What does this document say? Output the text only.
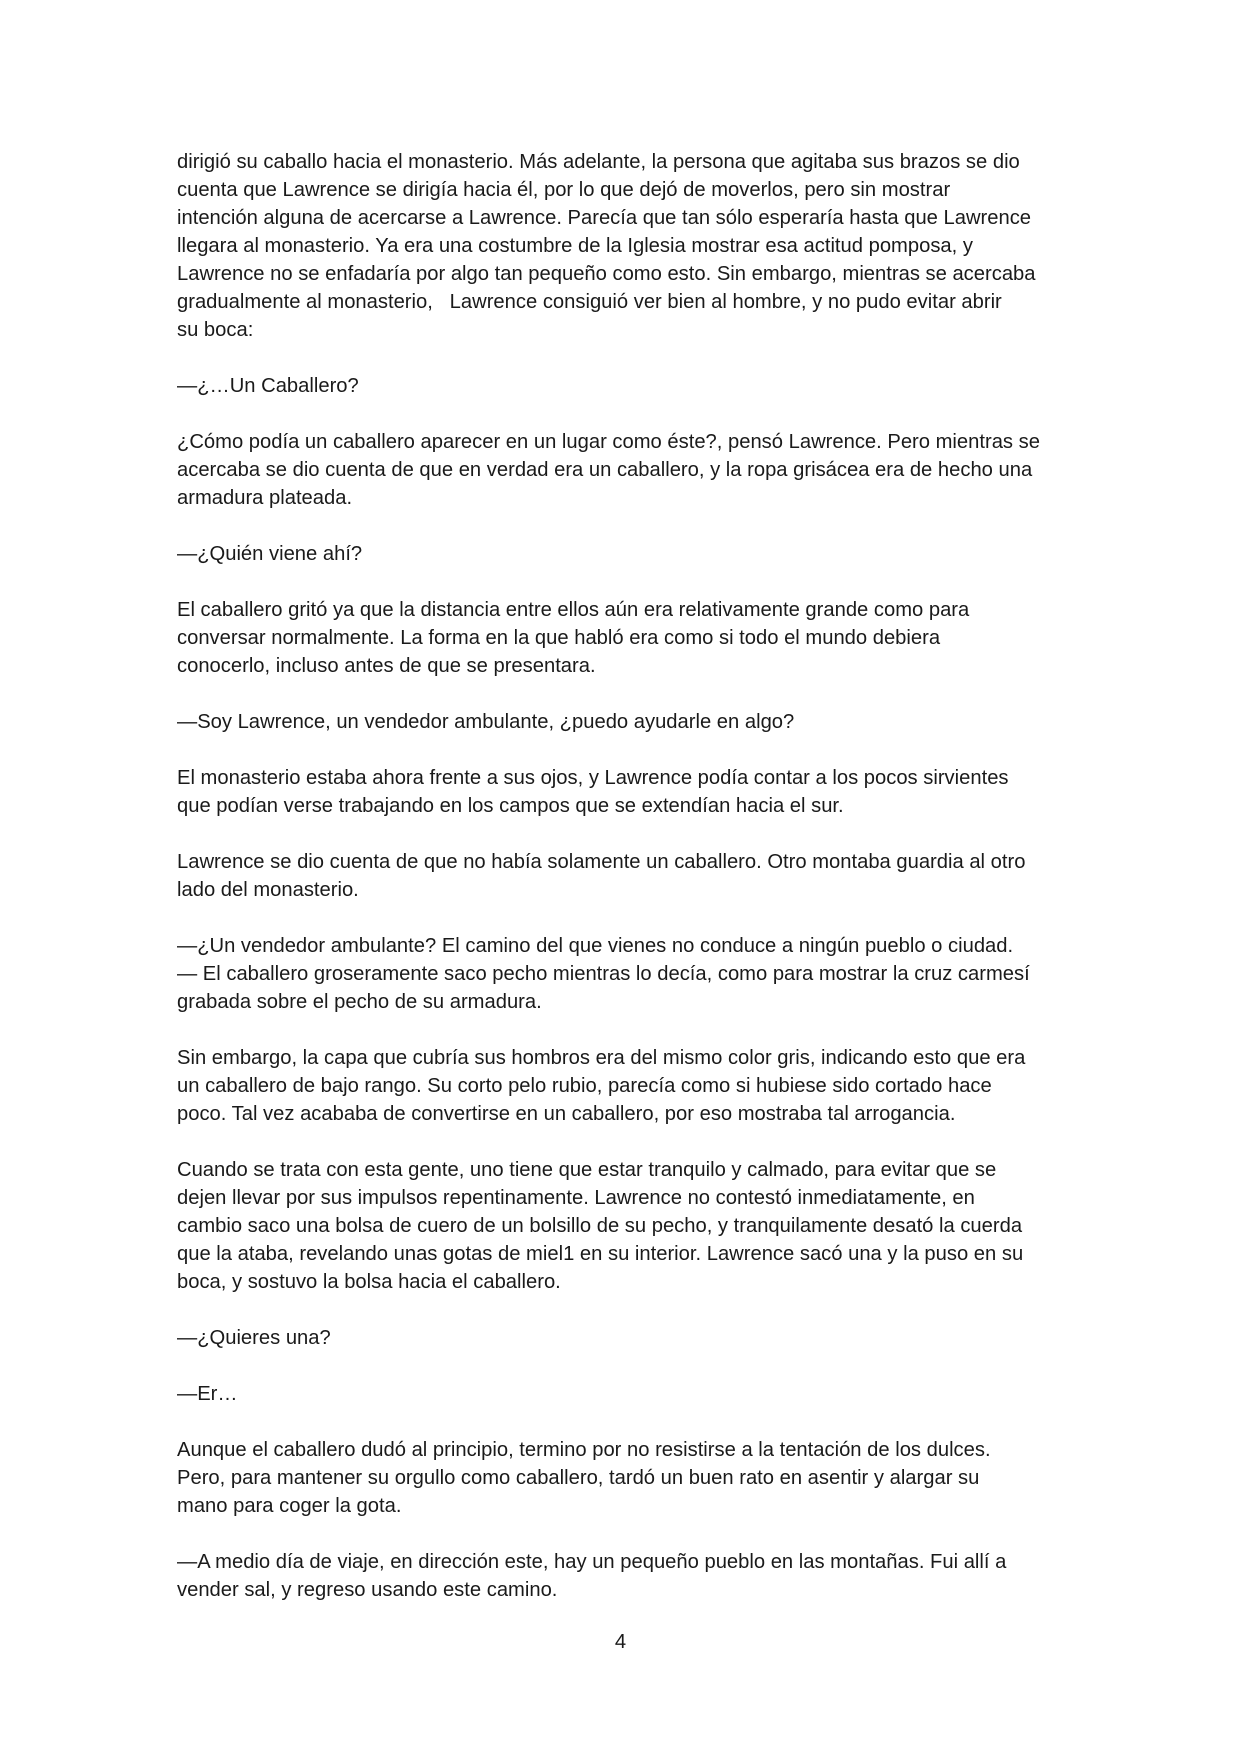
dirigió su caballo hacia el monasterio. Más adelante, la persona que agitaba sus brazos se dio
cuenta que Lawrence se dirigía hacia él, por lo que dejó de moverlos, pero sin mostrar
intención alguna de acercarse a Lawrence. Parecía que tan sólo esperaría hasta que Lawrence
llegara al monasterio. Ya era una costumbre de la Iglesia mostrar esa actitud pomposa, y
Lawrence no se enfadaría por algo tan pequeño como esto. Sin embargo, mientras se acercaba
gradualmente al monasterio,   Lawrence consiguió ver bien al hombre, y no pudo evitar abrir
su boca:

—¿…Un Caballero?

¿Cómo podía un caballero aparecer en un lugar como éste?, pensó Lawrence. Pero mientras se
acercaba se dio cuenta de que en verdad era un caballero, y la ropa grisácea era de hecho una
armadura plateada.

—¿Quién viene ahí?

El caballero gritó ya que la distancia entre ellos aún era relativamente grande como para
conversar normalmente. La forma en la que habló era como si todo el mundo debiera
conocerlo, incluso antes de que se presentara.

—Soy Lawrence, un vendedor ambulante, ¿puedo ayudarle en algo?

El monasterio estaba ahora frente a sus ojos, y Lawrence podía contar a los pocos sirvientes
que podían verse trabajando en los campos que se extendían hacia el sur.

Lawrence se dio cuenta de que no había solamente un caballero. Otro montaba guardia al otro
lado del monasterio.

—¿Un vendedor ambulante? El camino del que vienes no conduce a ningún pueblo o ciudad.
— El caballero groseramente saco pecho mientras lo decía, como para mostrar la cruz carmesí
grabada sobre el pecho de su armadura.

Sin embargo, la capa que cubría sus hombros era del mismo color gris, indicando esto que era
un caballero de bajo rango. Su corto pelo rubio, parecía como si hubiese sido cortado hace
poco. Tal vez acababa de convertirse en un caballero, por eso mostraba tal arrogancia.

Cuando se trata con esta gente, uno tiene que estar tranquilo y calmado, para evitar que se
dejen llevar por sus impulsos repentinamente. Lawrence no contestó inmediatamente, en
cambio saco una bolsa de cuero de un bolsillo de su pecho, y tranquilamente desató la cuerda
que la ataba, revelando unas gotas de miel1 en su interior. Lawrence sacó una y la puso en su
boca, y sostuvo la bolsa hacia el caballero.

—¿Quieres una?

—Er…

Aunque el caballero dudó al principio, termino por no resistirse a la tentación de los dulces.
Pero, para mantener su orgullo como caballero, tardó un buen rato en asentir y alargar su
mano para coger la gota.

—A medio día de viaje, en dirección este, hay un pequeño pueblo en las montañas. Fui allí a
vender sal, y regreso usando este camino.

4
